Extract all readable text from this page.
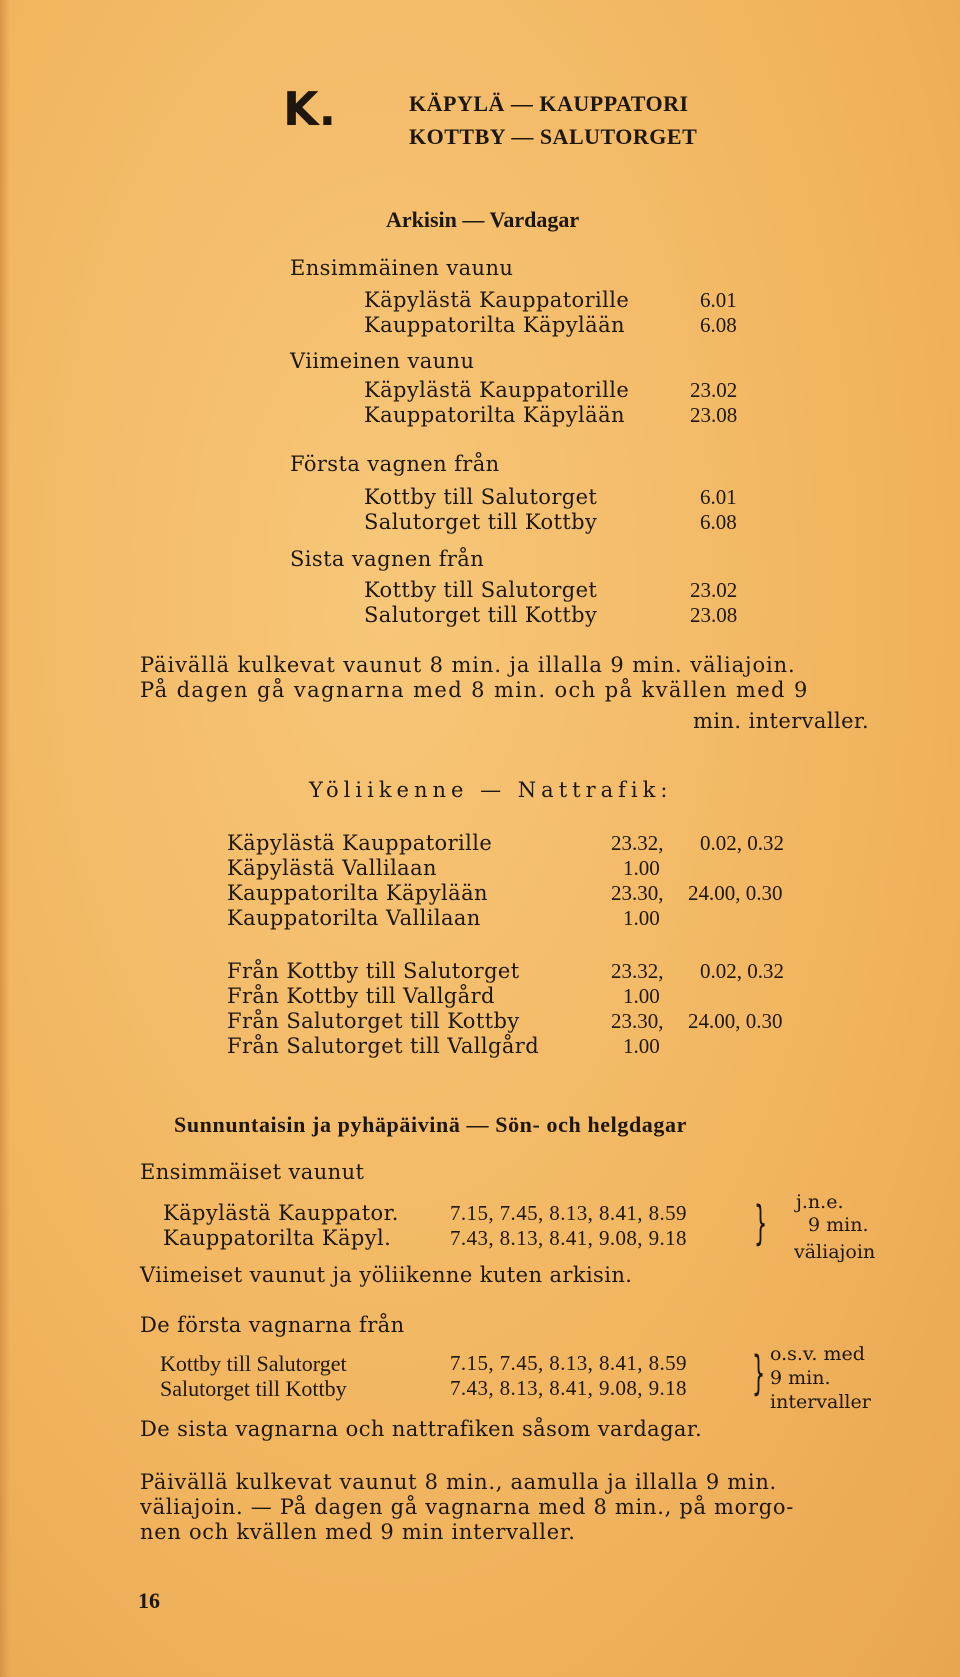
K.	KÄPYLÄ — KAUPPATORI
KOTTBY — SALUTORGET
Arkisin — Vardagar
Ensimmäinen vaunu
Käpylästä Kauppatorille	6.01
Kauppatorilta Käpylään	6.08
Viimeinen vaunu
Käpylästä Kauppatorille	23.02
Kauppatorilta Käpylään	23.08
Första vagnen från
Kottby till Salutorget	6.01
Salutorget till Kottby	6.08
Sista vagnen från
Kottby till Salutorget	23.02
Salutorget till Kottby	23.08
Päivällä kulkevat vaunut 8 min. ja illalla 9 min. väliajoin.
På dagen gå vagnarna med 8 min. och på kvällen med 9
min. intervaller.
Yöliikenne — Nattrafik:
Käpylästä Kauppatorille	23.32, 0.02, 0.32
Käpylästä Vallilaan	1.00
Kauppatorilta Käpylään	23.30, 24.00, 0.30
Kauppatorilta Vallilaan	1.00
Från Kottby till Salutorget	23.32, 0.02, 0.32
Från Kottby till Vallgård	1.00
Från Salutorget till Kottby	23.30, 24.00, 0.30
Från Salutorget till Vallgård	1.00
Sunnuntaisin ja pyhäpäivinä — Sön- och helgdagar
Ensimmäiset vaunut
Käpylästä Kauppator. 7.15, 7.45, 8.13, 8.41, 8.59
Kauppatorilta Käpyl.	7.43, 8.13, 8.41, 9.08, 9.18 } j.n.e.
9 min.
väliajoin
Viimeiset vaunut ja yöliikenne kuten arkisin.
De första vagnarna från
Kottby till Salutorget	7.15, 7.45, 8.13, 8.41, 8.59
Salutorget till Kottby	7.43, 8.13, 8.41, 9.08, 9.18 } o.s.v. med
9 min.
intervaller
De sista vagnarna och nattrafiken såsom vardagar.
Päivällä kulkevat vaunut 8 min., aamulla ja illalla 9 min.
väliajoin. — På dagen gå vagnarna med 8 min., på morgo-
nen och kvällen med 9 min intervaller.
16
